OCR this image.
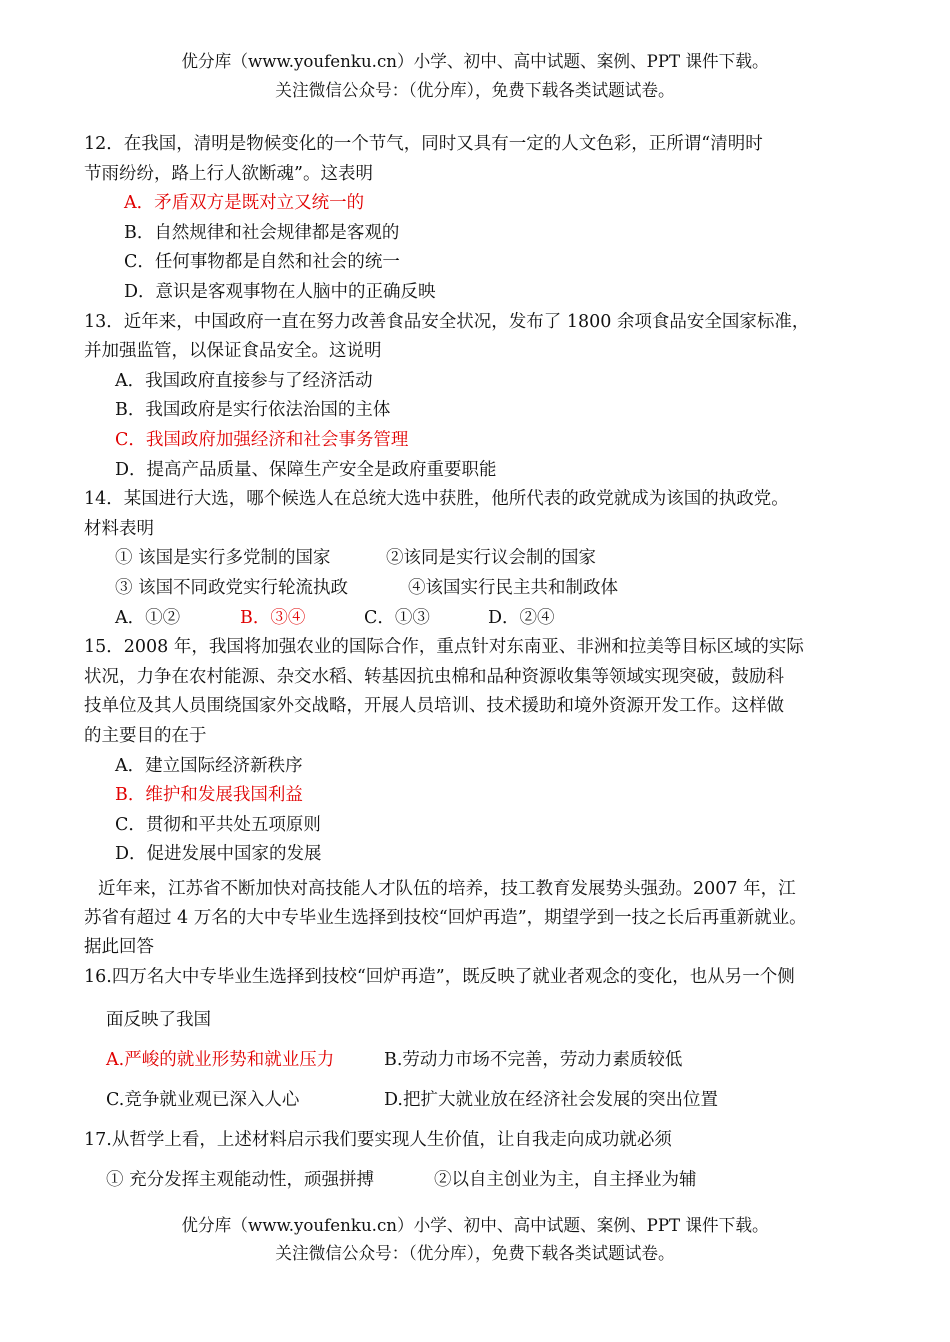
优分库（www.youfenku.cn）小学、初中、高中试题、案例、PPT 课件下载。
关注微信公众号：（优分库），免费下载各类试题试卷。
12．在我国，清明是物候变化的一个节气，同时又具有一定的人文色彩，正所谓“清明时
节雨纷纷，路上行人欲断魂”。这表明
A．矛盾双方是既对立又统一的
B．自然规律和社会规律都是客观的
C．任何事物都是自然和社会的统一
D．意识是客观事物在人脑中的正确反映
13．近年来，中国政府一直在努力改善食品安全状况，发布了 1800 余项食品安全国家标准，
并加强监管，以保证食品安全。这说明
A．我国政府直接参与了经济活动
B．我国政府是实行依法治国的主体
C．我国政府加强经济和社会事务管理
D．提高产品质量、保障生产安全是政府重要职能
14．某国进行大选，哪个候选人在总统大选中获胜，他所代表的政党就成为该国的执政党。
材料表明
① 该国是实行多党制的国家	②该同是实行议会制的国家
③ 该国不同政党实行轮流执政	④该国实行民主共和制政体
A．①②	B．③④	C．①③	D．②④
15．2008 年，我国将加强农业的国际合作，重点针对东南亚、非洲和拉美等目标区域的实际
状况，力争在农村能源、杂交水稻、转基因抗虫棉和品种资源收集等领域实现突破，鼓励科
技单位及其人员围绕国家外交战略，开展人员培训、技术援助和境外资源开发工作。这样做
的主要目的在于
A．建立国际经济新秩序
B．维护和发展我国利益
C．贯彻和平共处五项原则
D．促进发展中国家的发展
近年来，江苏省不断加快对高技能人才队伍的培养，技工教育发展势头强劲。2007 年，江
苏省有超过 4 万名的大中专毕业生选择到技校“回炉再造”，期望学到一技之长后再重新就业。
据此回答
16.四万名大中专毕业生选择到技校“回炉再造”，既反映了就业者观念的变化，也从另一个侧
面反映了我国
A.严峻的就业形势和就业压力	B.劳动力市场不完善，劳动力素质较低
C.竞争就业观已深入人心	D.把扩大就业放在经济社会发展的突出位置
17.从哲学上看，上述材料启示我们要实现人生价值，让自我走向成功就必须
① 充分发挥主观能动性，顽强拼搏	②以自主创业为主，自主择业为辅
优分库（www.youfenku.cn）小学、初中、高中试题、案例、PPT 课件下载。
关注微信公众号：（优分库），免费下载各类试题试卷。
